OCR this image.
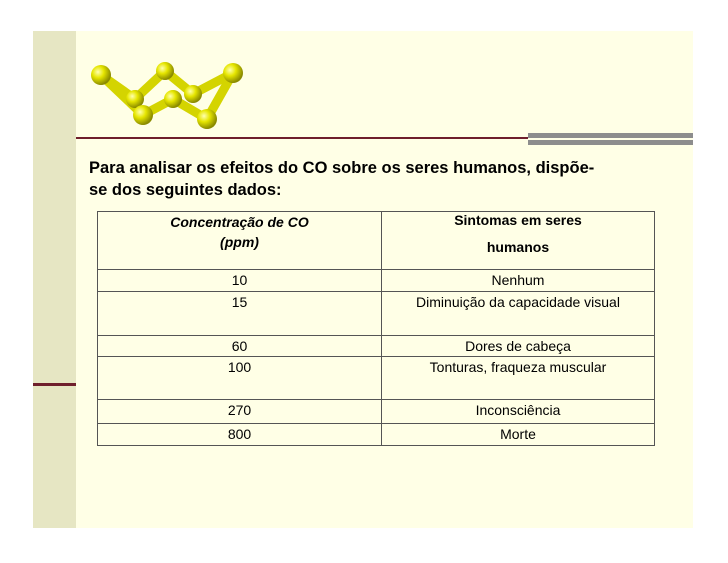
Para analisar os efeitos do CO sobre os seres humanos, dispõe-
se dos seguintes dados:

Concentração de CO
(ppm)	Sintomas em seres
humanos

10	Nenhum
15	Diminuição da capacidade visual
60	Dores de cabeça
100	Tonturas, fraqueza muscular
270	Inconsciência
800	Morte
